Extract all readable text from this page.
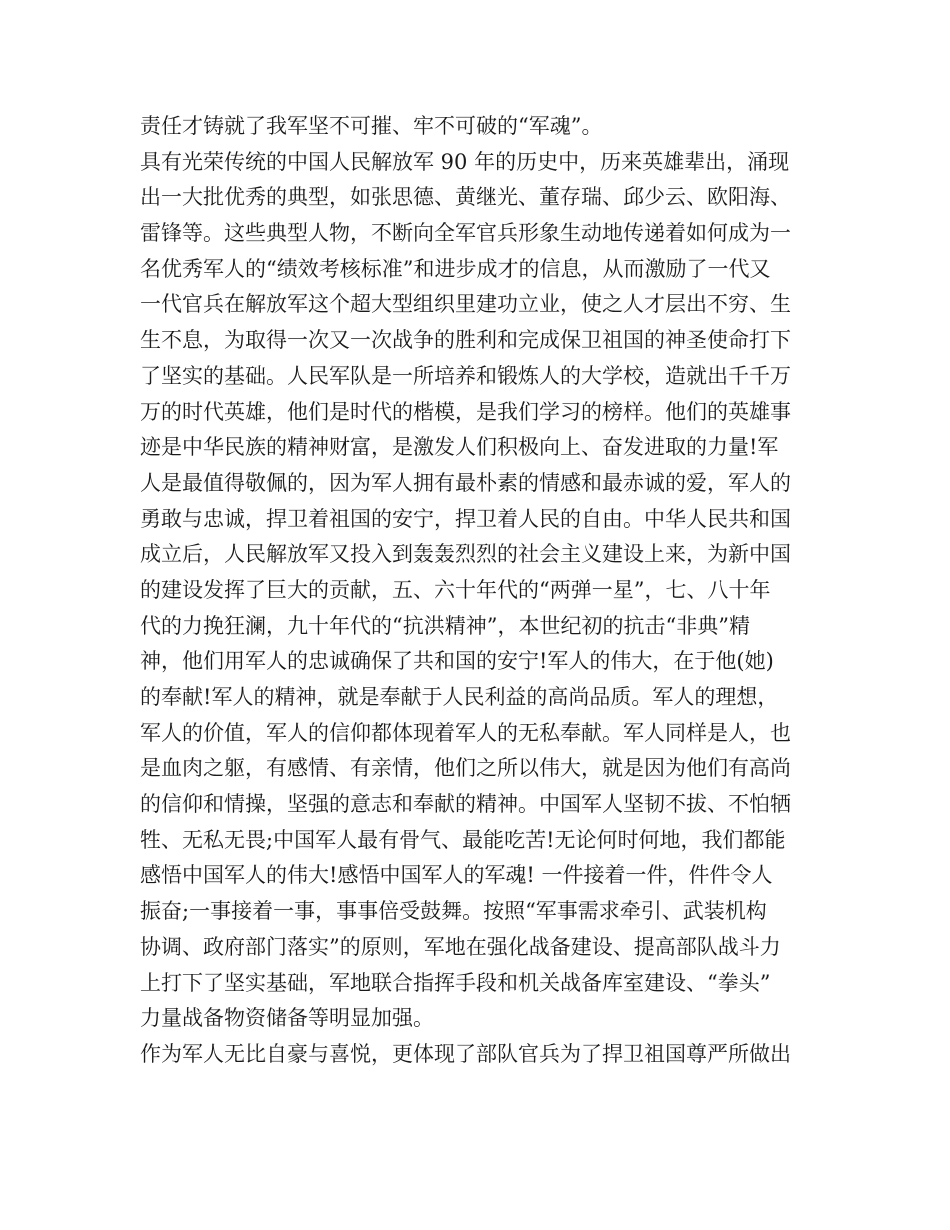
责任才铸就了我军坚不可摧、牢不可破的“军魂”。
具有光荣传统的中国人民解放军 90 年的历史中，历来英雄辈出，涌现
出一大批优秀的典型，如张思德、黄继光、董存瑞、邱少云、欧阳海、
雷锋等。这些典型人物，不断向全军官兵形象生动地传递着如何成为一
名优秀军人的“绩效考核标准”和进步成才的信息，从而激励了一代又
一代官兵在解放军这个超大型组织里建功立业，使之人才层出不穷、生
生不息，为取得一次又一次战争的胜利和完成保卫祖国的神圣使命打下
了坚实的基础。人民军队是一所培养和锻炼人的大学校，造就出千千万
万的时代英雄，他们是时代的楷模，是我们学习的榜样。他们的英雄事
迹是中华民族的精神财富，是激发人们积极向上、奋发进取的力量!军
人是最值得敬佩的，因为军人拥有最朴素的情感和最赤诚的爱，军人的
勇敢与忠诚，捍卫着祖国的安宁，捍卫着人民的自由。中华人民共和国
成立后，人民解放军又投入到轰轰烈烈的社会主义建设上来，为新中国
的建设发挥了巨大的贡献，五、六十年代的“两弹一星”，七、八十年
代的力挽狂澜，九十年代的“抗洪精神”，本世纪初的抗击“非典”精
神，他们用军人的忠诚确保了共和国的安宁!军人的伟大，在于他(她)
的奉献!军人的精神，就是奉献于人民利益的高尚品质。军人的理想，
军人的价值，军人的信仰都体现着军人的无私奉献。军人同样是人，也
是血肉之躯，有感情、有亲情，他们之所以伟大，就是因为他们有高尚
的信仰和情操，坚强的意志和奉献的精神。中国军人坚韧不拔、不怕牺
牲、无私无畏;中国军人最有骨气、最能吃苦!无论何时何地，我们都能
感悟中国军人的伟大!感悟中国军人的军魂! 一件接着一件，件件令人
振奋;一事接着一事，事事倍受鼓舞。按照“军事需求牵引、武装机构
协调、政府部门落实”的原则，军地在强化战备建设、提高部队战斗力
上打下了坚实基础，军地联合指挥手段和机关战备库室建设、“拳头”
力量战备物资储备等明显加强。
作为军人无比自豪与喜悦，更体现了部队官兵为了捍卫祖国尊严所做出
